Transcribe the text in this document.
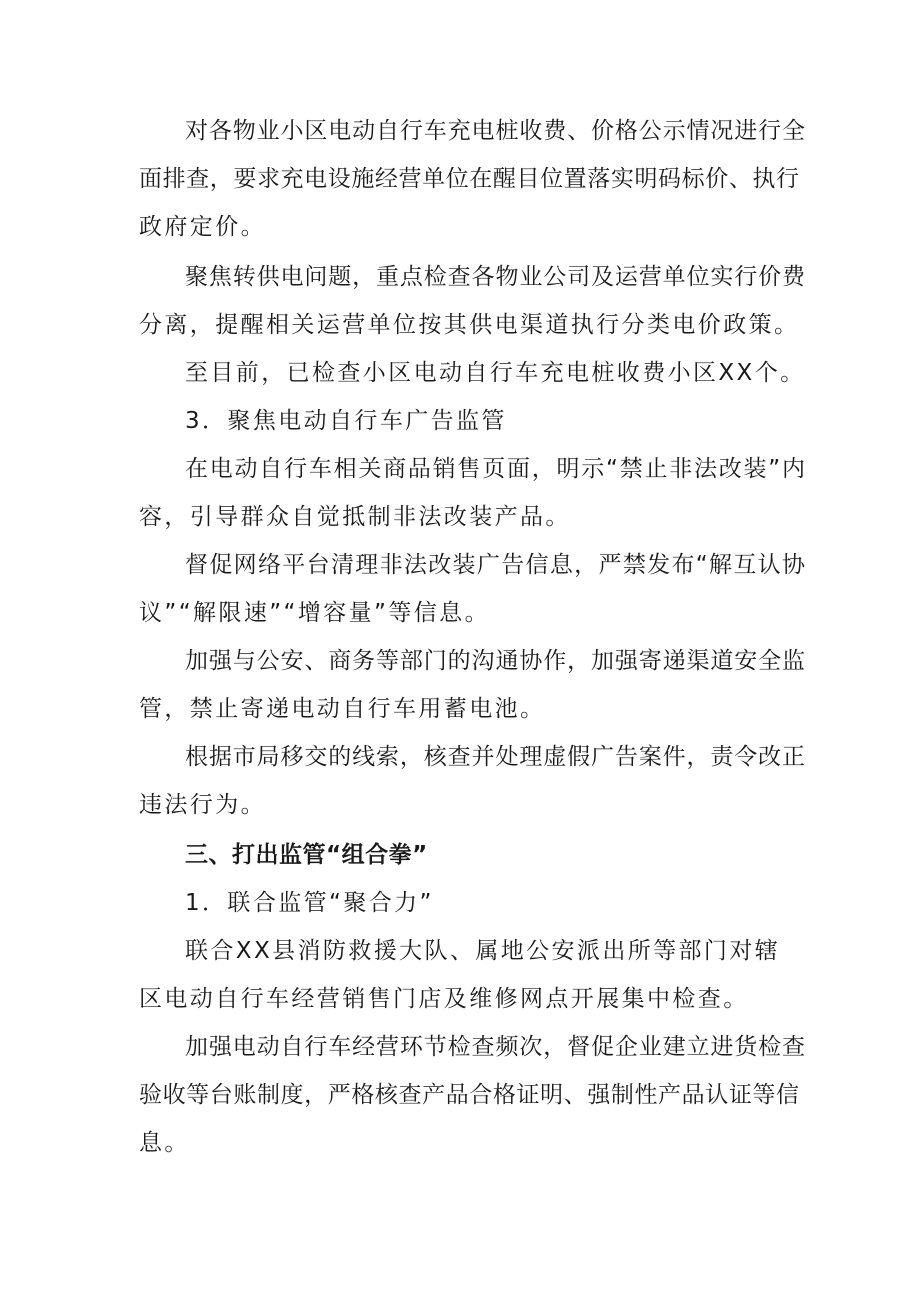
对各物业小区电动自行车充电桩收费、价格公示情况进行全
面排查，要求充电设施经营单位在醒目位置落实明码标价、执行
政府定价。
聚焦转供电问题，重点检查各物业公司及运营单位实行价费
分离，提醒相关运营单位按其供电渠道执行分类电价政策。
至目前，已检查小区电动自行车充电桩收费小区XX个。
3．聚焦电动自行车广告监管
在电动自行车相关商品销售页面，明示“禁止非法改装”内
容，引导群众自觉抵制非法改装产品。
督促网络平台清理非法改装广告信息，严禁发布“解互认协
议”“解限速”“增容量”等信息。
加强与公安、商务等部门的沟通协作，加强寄递渠道安全监
管，禁止寄递电动自行车用蓄电池。
根据市局移交的线索，核查并处理虚假广告案件，责令改正
违法行为。
三、打出监管“组合拳”
1．联合监管“聚合力”
联合XX县消防救援大队、属地公安派出所等部门对辖
区电动自行车经营销售门店及维修网点开展集中检查。
加强电动自行车经营环节检查频次，督促企业建立进货检查
验收等台账制度，严格核查产品合格证明、强制性产品认证等信
息。
